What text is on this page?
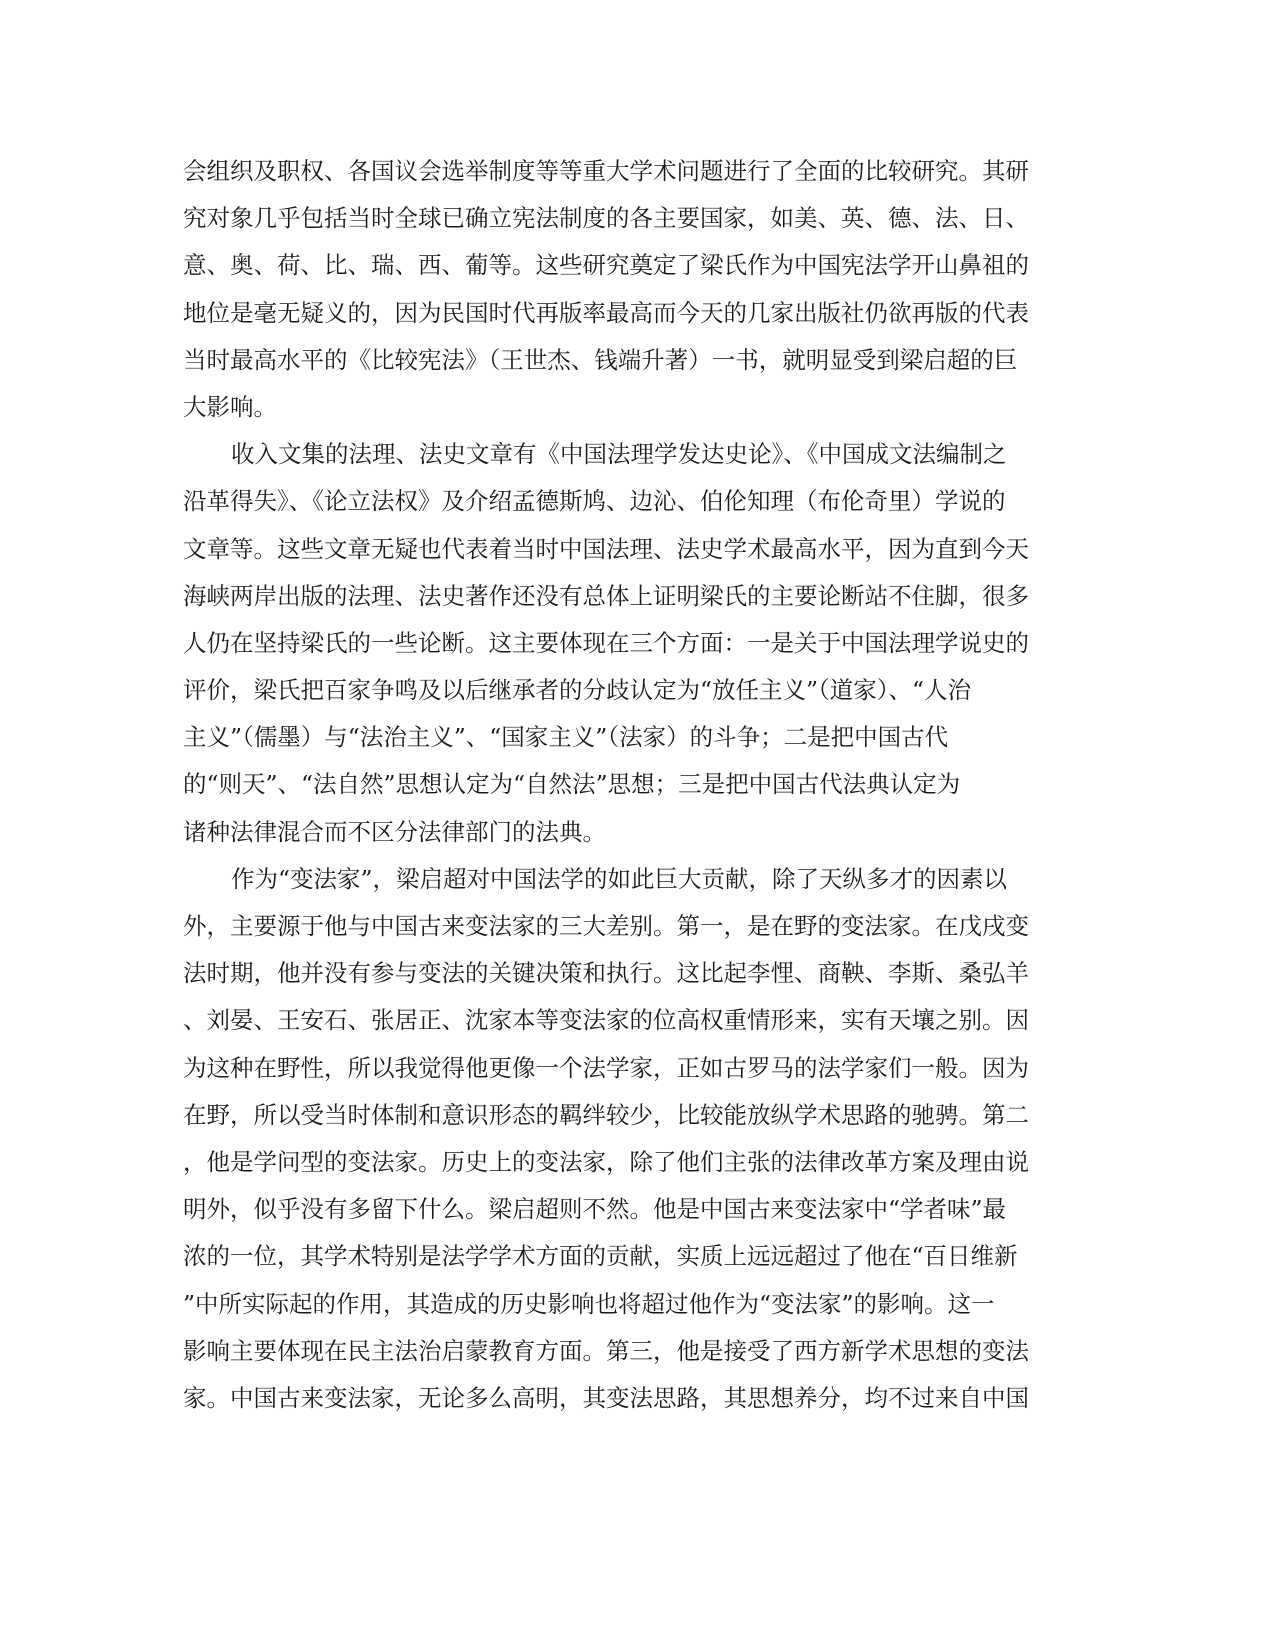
会组织及职权、各国议会选举制度等等重大学术问题进行了全面的比较研究。其研
究对象几乎包括当时全球已确立宪法制度的各主要国家，如美、英、德、法、日、
意、奥、荷、比、瑞、西、葡等。这些研究奠定了梁氏作为中国宪法学开山鼻祖的
地位是毫无疑义的，因为民国时代再版率最高而今天的几家出版社仍欲再版的代表
当时最高水平的《比较宪法》（王世杰、钱端升著）一书，就明显受到梁启超的巨
大影响。
收入文集的法理、法史文章有《中国法理学发达史论》、《中国成文法编制之
沿革得失》、《论立法权》及介绍孟德斯鸠、边沁、伯伦知理（布伦奇里）学说的
文章等。这些文章无疑也代表着当时中国法理、法史学术最高水平，因为直到今天
海峡两岸出版的法理、法史著作还没有总体上证明梁氏的主要论断站不住脚，很多
人仍在坚持梁氏的一些论断。这主要体现在三个方面：一是关于中国法理学说史的
评价，梁氏把百家争鸣及以后继承者的分歧认定为“放任主义”（道家）、“人治
主义”（儒墨）与“法治主义”、“国家主义”（法家）的斗争；二是把中国古代
的“则天”、“法自然”思想认定为“自然法”思想；三是把中国古代法典认定为
诸种法律混合而不区分法律部门的法典。
作为“变法家”，梁启超对中国法学的如此巨大贡献，除了天纵多才的因素以
外，主要源于他与中国古来变法家的三大差别。第一，是在野的变法家。在戊戌变
法时期，他并没有参与变法的关键决策和执行。这比起李悝、商鞅、李斯、桑弘羊
、刘晏、王安石、张居正、沈家本等变法家的位高权重情形来，实有天壤之别。因
为这种在野性，所以我觉得他更像一个法学家，正如古罗马的法学家们一般。因为
在野，所以受当时体制和意识形态的羁绊较少，比较能放纵学术思路的驰骋。第二
，他是学问型的变法家。历史上的变法家，除了他们主张的法律改革方案及理由说
明外，似乎没有多留下什么。梁启超则不然。他是中国古来变法家中“学者味”最
浓的一位，其学术特别是法学学术方面的贡献，实质上远远超过了他在“百日维新
”中所实际起的作用，其造成的历史影响也将超过他作为“变法家”的影响。这一
影响主要体现在民主法治启蒙教育方面。第三，他是接受了西方新学术思想的变法
家。中国古来变法家，无论多么高明，其变法思路，其思想养分，均不过来自中国
